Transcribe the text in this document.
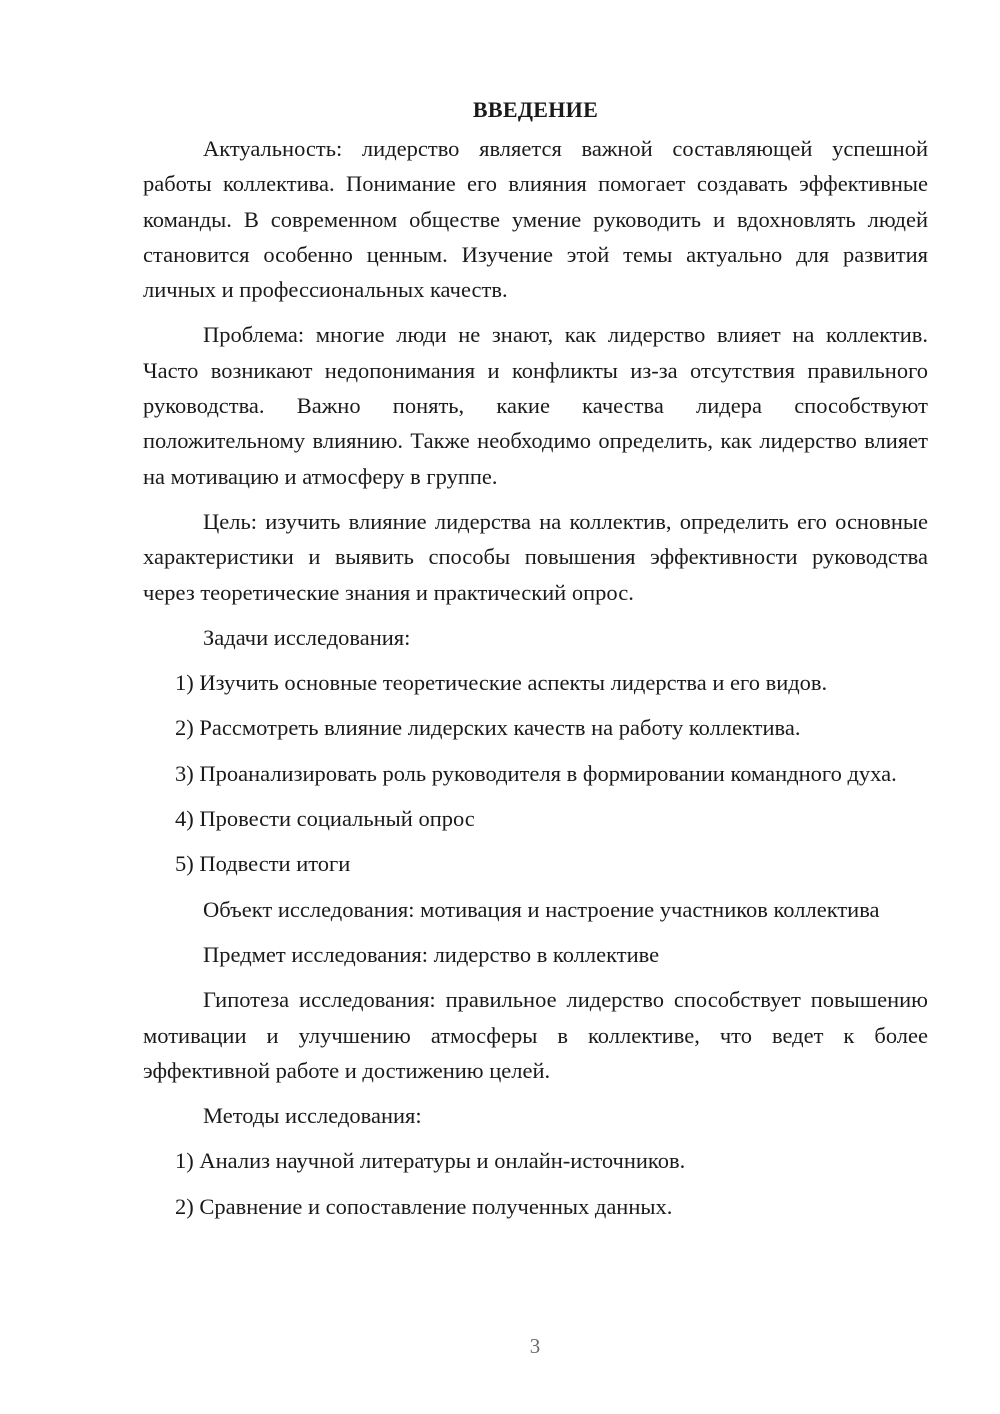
ВВЕДЕНИЕ

Актуальность: лидерство является важной составляющей успешной работы коллектива. Понимание его влияния помогает создавать эффективные команды. В современном обществе умение руководить и вдохновлять людей становится особенно ценным. Изучение этой темы актуально для развития личных и профессиональных качеств.

Проблема: многие люди не знают, как лидерство влияет на коллектив. Часто возникают недопонимания и конфликты из-за отсутствия правильного руководства. Важно понять, какие качества лидера способствуют положительному влиянию. Также необходимо определить, как лидерство влияет на мотивацию и атмосферу в группе.

Цель: изучить влияние лидерства на коллектив, определить его основные характеристики и выявить способы повышения эффективности руководства через теоретические знания и практический опрос.

Задачи исследования:

1) Изучить основные теоретические аспекты лидерства и его видов.

2) Рассмотреть влияние лидерских качеств на работу коллектива.

3) Проанализировать роль руководителя в формировании командного духа.

4) Провести социальный опрос

5) Подвести итоги

Объект исследования: мотивация и настроение участников коллектива

Предмет исследования: лидерство в коллективе

Гипотеза исследования: правильное лидерство способствует повышению мотивации и улучшению атмосферы в коллективе, что ведет к более эффективной работе и достижению целей.

Методы исследования:

1) Анализ научной литературы и онлайн-источников.

2) Сравнение и сопоставление полученных данных.

3
